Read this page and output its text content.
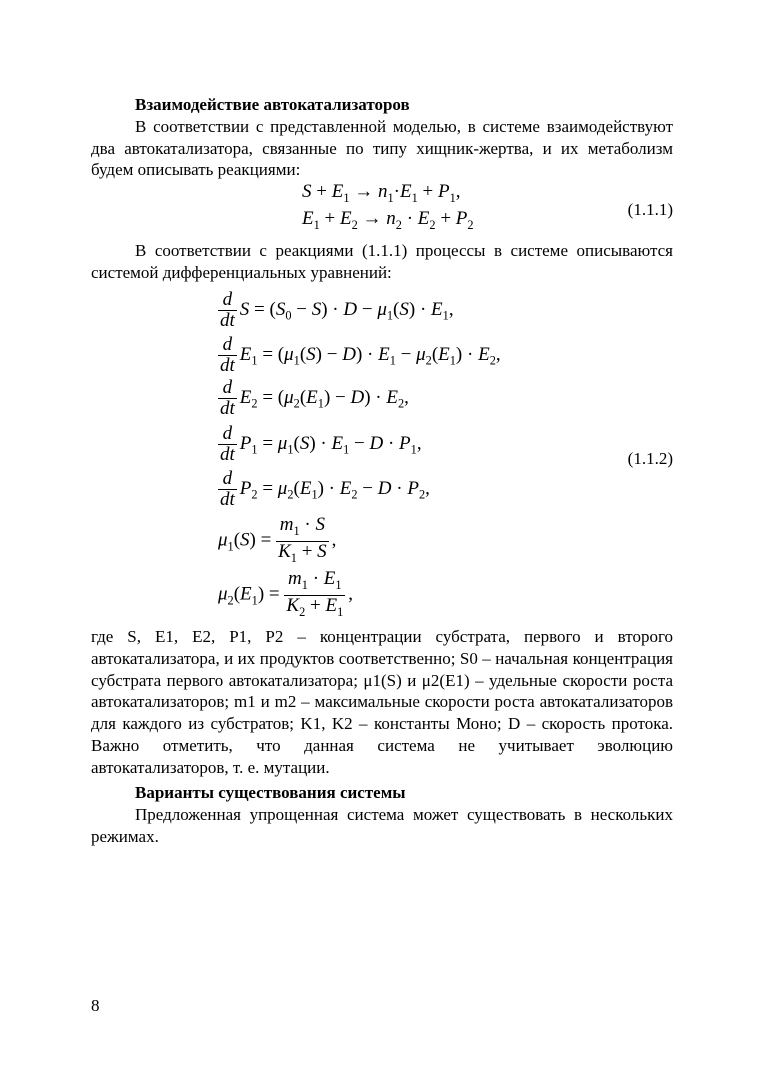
Взаимодействие автокатализаторов

В соответствии с представленной моделью, в системе взаимодействуют два автокатализатора, связанные по типу хищник-жертва, и их метаболизм будем описывать реакциями:

$S + E_1 \to n_1\cdot E_1 + P_1$,
$E_1 + E_2 \to n_2 \cdot E_2 + P_2$
(1.1.1)

В соответствии с реакциями (1.1.1) процессы в системе описываются системой дифференциальных уравнений:

$\frac{d}{dt}$ $S = (S_0 - S) \cdot D - \mu_1(S) \cdot E_1$,
$\frac{d}{dt} E_1 = (\mu_1(S) - D) \cdot E_1 - \mu_2(E_1) \cdot E_2$,
$\frac{d}{dt} E_2 = (\mu_2(E_1) - D) \cdot E_2$,
$\frac{d}{dt} P_1 = \mu_1(S) \cdot E_1 - D \cdot P_1$,
$\frac{d}{dt} P_2 = \mu_2(E_1) \cdot E_2 - D \cdot P_2$,
$\mu_1(S) = \frac{m_1 \cdot S}{K_1 + S}$ ,
$\mu_2(E_1) = \frac{m_1 \cdot E_1}{K_2 + E_1}$ ,
(1.1.2)

где S, E1, E2, P1, P2 – концентрации субстрата, первого и второго автокатализатора, и их продуктов соответственно; S0 – начальная концентрация субстрата первого автокатализатора; μ1(S) и μ2(E1) – удельные скорости роста автокатализаторов; m1 и m2 – максимальные скорости роста автокатализаторов для каждого из субстратов; K1, K2 – константы Моно; D – скорость протока. Важно отметить, что данная система не учитывает эволюцию автокатализаторов, т. е. мутации.

Варианты существования системы

Предложенная упрощенная система может существовать в нескольких режимах.

8
